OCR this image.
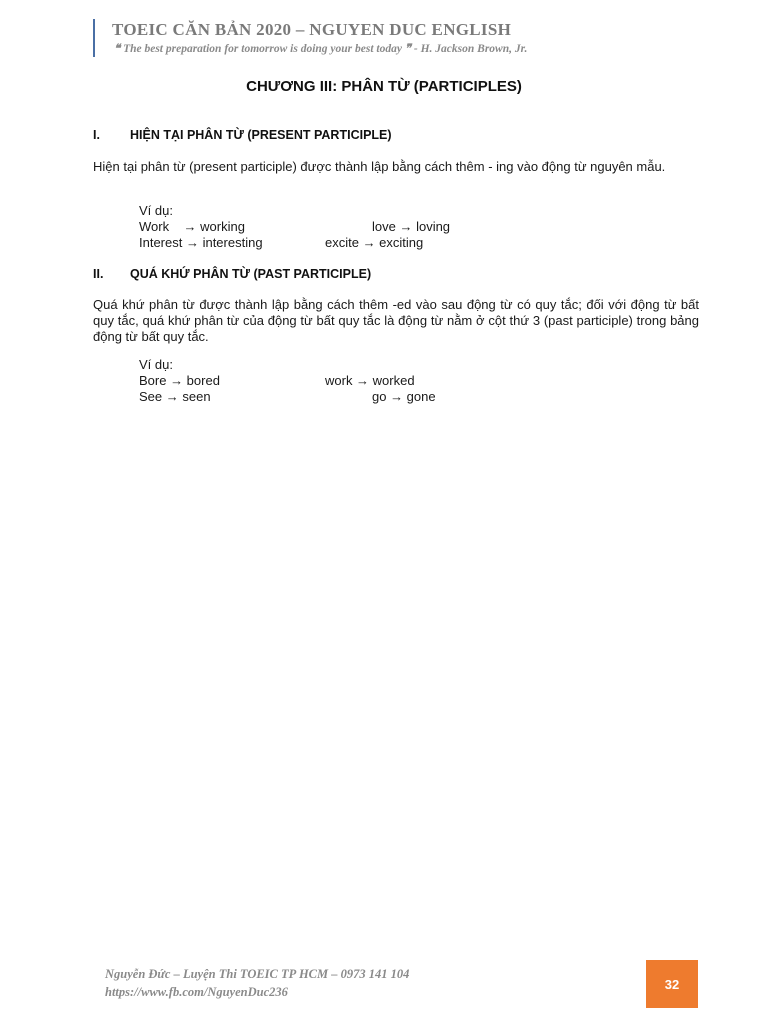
TOEIC CĂN BẢN 2020 – NGUYEN DUC ENGLISH
❝ The best preparation for tomorrow is doing your best today ❞ - H. Jackson Brown, Jr.
CHƯƠNG III: PHÂN TỪ (PARTICIPLES)
I. HIỆN TẠI PHÂN TỪ (PRESENT PARTICIPLE)
Hiện tại phân từ (present participle) được thành lập bằng cách thêm - ing vào động từ nguyên mẫu.
Ví dụ:
Work    → working	love → loving
Interest → interesting	excite → exciting
II. QUÁ KHỨ PHÂN TỪ (PAST PARTICIPLE)
Quá khứ phân từ được thành lập bằng cách thêm -ed vào sau động từ có quy tắc; đối với động từ bất quy tắc, quá khứ phân từ của động từ bất quy tắc là động từ nằm ở cột thứ 3 (past participle) trong bảng động từ bất quy tắc.
Ví dụ:
Bore → bored	work → worked
See → seen	go → gone
Nguyễn Đức – Luyện Thi TOEIC TP HCM – 0973 141 104
https://www.fb.com/NguyenDuc236
32
